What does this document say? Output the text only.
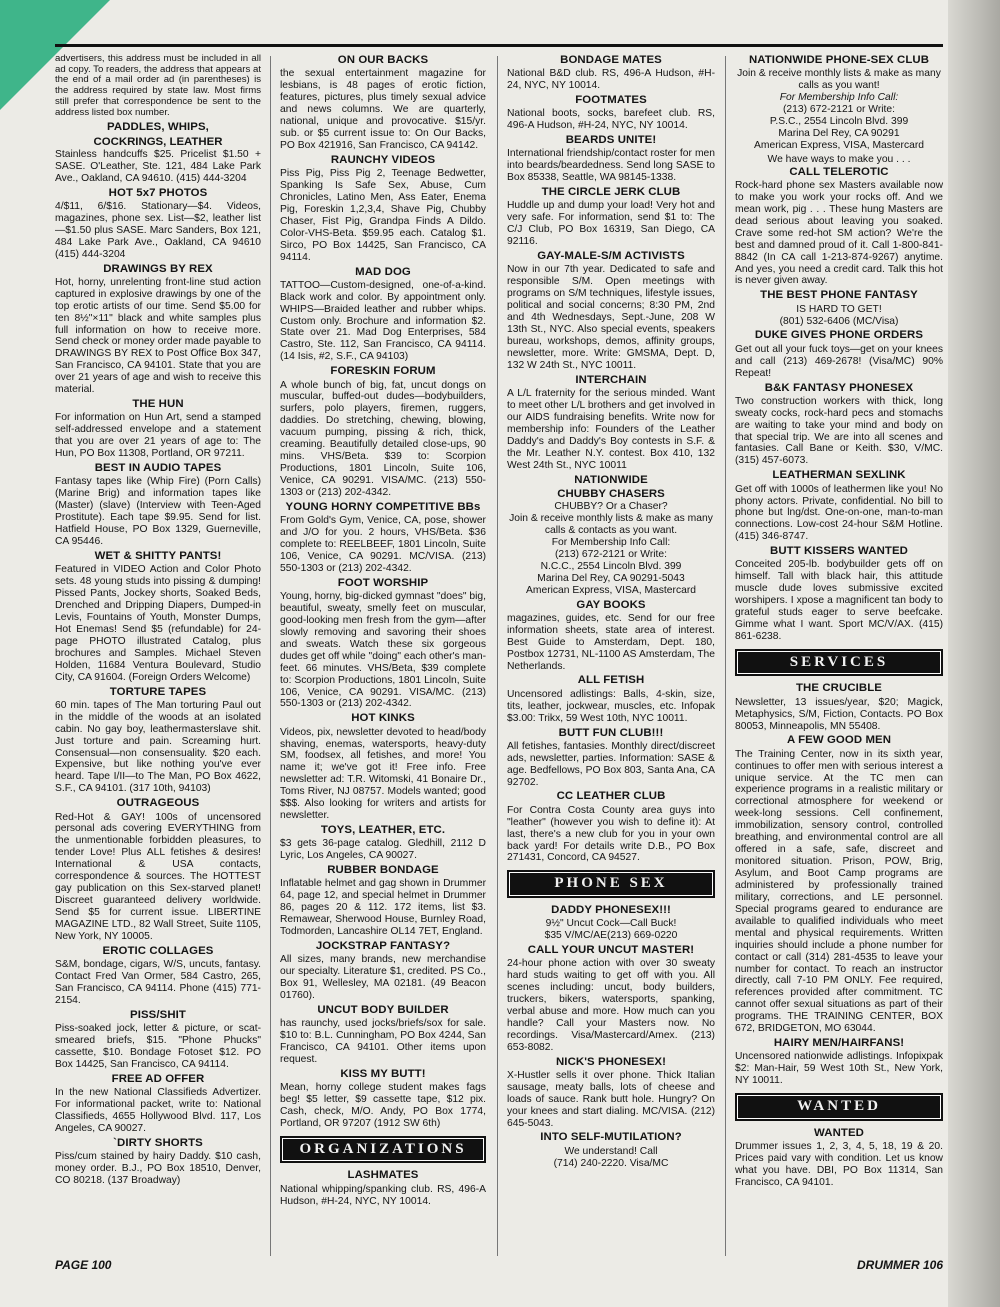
advertisers, this address must be included in all ad copy. To readers, the address that appears at the end of a mail order ad (in parentheses) is the address required by state law. Most firms still prefer that correspondence be sent to the address listed box number.

PADDLES, WHIPS,

COCKRINGS, LEATHER

Stainless handcuffs $25. Pricelist $1.50 + SASE. O'Leather, Ste. 121, 484 Lake Park Ave., Oakland, CA 94610. (415) 444-3204

HOT 5x7 PHOTOS

4/$11, 6/$16. Stationary—$4. Videos, magazines, phone sex. List—$2, leather list—$1.50 plus SASE. Marc Sanders, Box 121, 484 Lake Park Ave., Oakland, CA 94610 (415) 444-3204

DRAWINGS BY REX

Hot, horny, unrelenting front-line stud action captured in explosive drawings by one of the top erotic artists of our time. Send $5.00 for ten 8½"×11" black and white samples plus full information on how to receive more. Send check or money order made payable to DRAWINGS BY REX to Post Office Box 347, San Francisco, CA 94101. State that you are over 21 years of age and wish to receive this material.

THE HUN

For information on Hun Art, send a stamped self-addressed envelope and a statement that you are over 21 years of age to: The Hun, PO Box 11308, Portland, OR 97211.

BEST IN AUDIO TAPES

Fantasy tapes like (Whip Fire) (Porn Calls) (Marine Brig) and information tapes like (Master) (slave) (Interview with Teen-Aged Prostitute). Each tape $9.95. Send for list. Hatfield House, PO Box 1329, Guerneville, CA 95446.

WET & SHITTY PANTS!

Featured in VIDEO Action and Color Photo sets. 48 young studs into pissing & dumping! Pissed Pants, Jockey shorts, Soaked Beds, Drenched and Dripping Diapers, Dumped-in Levis, Fountains of Youth, Monster Dumps, Hot Enemas! Send $5 (refundable) for 24-page PHOTO illustrated Catalog, plus brochures and Samples. Michael Steven Holden, 11684 Ventura Boulevard, Studio City, CA 91604. (Foreign Orders Welcome)

TORTURE TAPES

60 min. tapes of The Man torturing Paul out in the middle of the woods at an isolated cabin. No gay boy, leathermasterslave shit. Just torture and pain. Screaming hurt. Consensual—non consensuality. $20 each. Expensive, but like nothing you've ever heard. Tape I/II—to The Man, PO Box 4622, S.F., CA 94101. (317 10th, 94103)

OUTRAGEOUS

Red-Hot & GAY! 100s of uncensored personal ads covering EVERYTHING from the unmentionable forbidden pleasures, to tender Love! Plus ALL fetishes & desires! International & USA contacts, correspondence & sources. The HOTTEST gay publication on this Sex-starved planet! Discreet guaranteed delivery worldwide. Send $5 for current issue. LIBERTINE MAGAZINE LTD., 82 Wall Street, Suite 1105, New York, NY 10005.

EROTIC COLLAGES

S&M, bondage, cigars, W/S, uncuts, fantasy. Contact Fred Van Ormer, 584 Castro, 265, San Francisco, CA 94114. Phone (415) 771-2154.

PISS/SHIT

Piss-soaked jock, letter & picture, or scat-smeared briefs, $15. "Phone Phucks" cassette, $10. Bondage Fotoset $12. PO Box 14425, San Francisco, CA 94114.

FREE AD OFFER

In the new National Classifieds Advertizer. For informational packet, write to: National Classifieds, 4655 Hollywood Blvd. 117, Los Angeles, CA 90027.

`DIRTY SHORTS

Piss/cum stained by hairy Daddy. $10 cash, money order. B.J., PO Box 18510, Denver, CO 80218. (137 Broadway)

ON OUR BACKS

the sexual entertainment magazine for lesbians, is 48 pages of erotic fiction, features, pictures, plus timely sexual advice and news columns. We are quarterly, national, unique and provocative. $15/yr. sub. or $5 current issue to: On Our Backs, PO Box 421916, San Francisco, CA 94142.

RAUNCHY VIDEOS

Piss Pig, Piss Pig 2, Teenage Bedwetter, Spanking Is Safe Sex, Abuse, Cum Chronicles, Latino Men, Ass Eater, Enema Pig, Foreskin 1,2,3,4, Shave Pig, Chubby Chaser, Fist Pig, Grandpa Finds A Dildo. Color-VHS-Beta. $59.95 each. Catalog $1. Sirco, PO Box 14425, San Francisco, CA 94114.

MAD DOG

TATTOO—Custom-designed, one-of-a-kind. Black work and color. By appointment only. WHIPS—Braided leather and rubber whips. Custom only. Brochure and information $2. State over 21. Mad Dog Enterprises, 584 Castro, Ste. 112, San Francisco, CA 94114. (14 Isis, #2, S.F., CA 94103)

FORESKIN FORUM

A whole bunch of big, fat, uncut dongs on muscular, buffed-out dudes—bodybuilders, surfers, polo players, firemen, ruggers, daddies. Do stretching, chewing, blowing, vacuum pumping, pissing & rich, thick, creaming. Beautifully detailed close-ups, 90 mins. VHS/Beta. $39 to: Scorpion Productions, 1801 Lincoln, Suite 106, Venice, CA 90291. VISA/MC. (213) 550-1303 or (213) 202-4342.

YOUNG HORNY COMPETITIVE BBs

From Gold's Gym, Venice, CA, pose, shower and J/O for you. 2 hours, VHS/Beta. $36 complete to: REELBEEF, 1801 Lincoln, Suite 106, Venice, CA 90291. MC/VISA. (213) 550-1303 or (213) 202-4342.

FOOT WORSHIP

Young, horny, big-dicked gymnast "does" big, beautiful, sweaty, smelly feet on muscular, good-looking men fresh from the gym—after slowly removing and savoring their shoes and sweats. Watch these six gorgeous dudes get off while "doing" each other's man-feet. 66 minutes. VHS/Beta, $39 complete to: Scorpion Productions, 1801 Lincoln, Suite 106, Venice, CA 90291. VISA/MC. (213) 550-1303 or (213) 202-4342.

HOT KINKS

Videos, pix, newsletter devoted to head/body shaving, enemas, watersports, heavy-duty SM, foodsex, all fetishes, and more! You name it; we've got it! Free info. Free newsletter ad: T.R. Witomski, 41 Bonaire Dr., Toms River, NJ 08757. Models wanted; good $$$. Also looking for writers and artists for newsletter.

TOYS, LEATHER, ETC.

$3 gets 36-page catalog. Gledhill, 2112 D Lyric, Los Angeles, CA 90027.

RUBBER BONDAGE

Inflatable helmet and gag shown in Drummer 64, page 12, and special helmet in Drummer 86, pages 20 & 112. 172 items, list $3. Remawear, Sherwood House, Burnley Road, Todmorden, Lancashire OL14 7ET, England.

JOCKSTRAP FANTASY?

All sizes, many brands, new merchandise our specialty. Literature $1, credited. PS Co., Box 91, Wellesley, MA 02181. (49 Beacon 01760).

UNCUT BODY BUILDER

has raunchy, used jocks/briefs/sox for sale. $10 to: B.L. Cunningham, PO Box 4244, San Francisco, CA 94101. Other items upon request.

KISS MY BUTT!

Mean, horny college student makes fags beg! $5 letter, $9 cassette tape, $12 pix. Cash, check, M/O. Andy, PO Box 1774, Portland, OR 97207 (1912 SW 6th)

ORGANIZATIONS

LASHMATES

National whipping/spanking club. RS, 496-A Hudson, #H-24, NYC, NY 10014.

BONDAGE MATES

National B&D club. RS, 496-A Hudson, #H-24, NYC, NY 10014.

FOOTMATES

National boots, socks, barefeet club. RS, 496-A Hudson, #H-24, NYC, NY 10014.

BEARDS UNITE!

International friendship/contact roster for men into beards/beardedness. Send long SASE to Box 85338, Seattle, WA 98145-1338.

THE CIRCLE JERK CLUB

Huddle up and dump your load! Very hot and very safe. For information, send $1 to: The C/J Club, PO Box 16319, San Diego, CA 92116.

GAY-MALE-S/M ACTIVISTS

Now in our 7th year. Dedicated to safe and responsible S/M. Open meetings with programs on S/M techniques, lifestyle issues, political and social concerns; 8:30 PM, 2nd and 4th Wednesdays, Sept.-June, 208 W 13th St., NYC. Also special events, speakers bureau, workshops, demos, affinity groups, newsletter, more. Write: GMSMA, Dept. D, 132 W 24th St., NYC 10011.

INTERCHAIN

A L/L fraternity for the serious minded. Want to meet other L/L brothers and get involved in our AIDS fundraising benefits. Write now for membership info: Founders of the Leather Daddy's and Daddy's Boy contests in S.F. & the Mr. Leather N.Y. contest. Box 410, 132 West 24th St., NYC 10011

NATIONWIDE

CHUBBY CHASERS

CHUBBY? Or a Chaser?

Join & receive monthly lists & make as many

calls & contacts as you want.

For Membership Info Call:

(213) 672-2121 or Write:

N.C.C., 2554 Lincoln Blvd. 399

Marina Del Rey, CA 90291-5043

American Express, VISA, Mastercard

GAY BOOKS

magazines, guides, etc. Send for our free information sheets, state area of interest. Best Guide to Amsterdam, Dept. 180, Postbox 12731, NL-1100 AS Amsterdam, The Netherlands.

ALL FETISH

Uncensored adlistings: Balls, 4-skin, size, tits, leather, jockwear, muscles, etc. Infopak $3.00: Trikx, 59 West 10th, NYC 10011.

BUTT FUN CLUB!!!

All fetishes, fantasies. Monthly direct/discreet ads, newsletter, parties. Information: SASE & age. Bedfellows, PO Box 803, Santa Ana, CA 92702.

CC LEATHER CLUB

For Contra Costa County area guys into "leather" (however you wish to define it): At last, there's a new club for you in your own back yard! For details write D.B., PO Box 271431, Concord, CA 94527.

PHONE SEX

DADDY PHONESEX!!!

9½" Uncut Cock—Call Buck!

$35 V/MC/AE(213) 669-0220

CALL YOUR UNCUT MASTER!

24-hour phone action with over 30 sweaty hard studs waiting to get off with you. All scenes including: uncut, body builders, truckers, bikers, watersports, spanking, verbal abuse and more. How much can you handle? Call your Masters now. No recordings. Visa/Mastercard/Amex. (213) 653-8082.

NICK'S PHONESEX!

X-Hustler sells it over phone. Thick Italian sausage, meaty balls, lots of cheese and loads of sauce. Rank butt hole. Hungry? On your knees and start dialing. MC/VISA. (212) 645-5043.

INTO SELF-MUTILATION?

We understand! Call

(714) 240-2220. Visa/MC

NATIONWIDE PHONE-SEX CLUB

Join & receive monthly lists & make as many

calls as you want!

For Membership Info Call:

(213) 672-2121 or Write:

P.S.C., 2554 Lincoln Blvd. 399

Marina Del Rey, CA 90291

American Express, VISA, Mastercard

We have ways to make you . . .

CALL TELEROTIC

Rock-hard phone sex Masters available now to make you work your rocks off. And we mean work, pig . . . These hung Masters are dead serious about leaving you soaked. Crave some red-hot SM action? We're the best and damned proud of it. Call 1-800-841-8842 (In CA call 1-213-874-9267) anytime. And yes, you need a credit card. Talk this hot is never given away.

THE BEST PHONE FANTASY

IS HARD TO GET!

(801) 532-6406 (MC/Visa)

DUKE GIVES PHONE ORDERS

Get out all your fuck toys—get on your knees and call (213) 469-2678! (Visa/MC) 90% Repeat!

B&K FANTASY PHONESEX

Two construction workers with thick, long sweaty cocks, rock-hard pecs and stomachs are waiting to take your mind and body on that special trip. We are into all scenes and fantasies. Call Bane or Keith. $30, V/MC. (315) 457-6073.

LEATHERMAN SEXLINK

Get off with 1000s of leathermen like you! No phony actors. Private, confidential. No bill to phone but lng/dst. One-on-one, man-to-man connections. Low-cost 24-hour S&M Hotline. (415) 346-8747.

BUTT KISSERS WANTED

Conceited 205-lb. bodybuilder gets off on himself. Tall with black hair, this attitude muscle dude loves submissive excited worshipers. I xpose a magnificent tan body to grateful studs eager to serve beefcake. Gimme what I want. Sport MC/V/AX. (415) 861-6238.

SERVICES

THE CRUCIBLE

Newsletter, 13 issues/year, $20; Magick, Metaphysics, S/M, Fiction, Contacts. PO Box 80053, Minneapolis, MN 55408.

A FEW GOOD MEN

The Training Center, now in its sixth year, continues to offer men with serious interest a unique service. At the TC men can experience programs in a realistic military or correctional atmosphere for weekend or week-long sessions. Cell confinement, immobilization, sensory control, controlled breathing, and environmental control are all offered in a safe, safe, discreet and monitored situation. Prison, POW, Brig, Asylum, and Boot Camp programs are administered by professionally trained military, corrections, and LE personnel. Special programs geared to endurance are available to qualified individuals who meet mental and physical requirements. Written inquiries should include a phone number for contact or call (314) 281-4535 to leave your number for contact. To reach an instructor directly, call 7-10 PM ONLY. Fee required, references provided after commitment. TC cannot offer sexual situations as part of their programs. THE TRAINING CENTER, BOX 672, BRIDGETON, MO 63044.

HAIRY MEN/HAIRFANS!

Uncensored nationwide adlistings. Infopixpak $2: Man-Hair, 59 West 10th St., New York, NY 10011.

WANTED

WANTED

Drummer issues 1, 2, 3, 4, 5, 18, 19 & 20. Prices paid vary with condition. Let us know what you have. DBI, PO Box 11314, San Francisco, CA 94101.

PAGE 100	DRUMMER 106
